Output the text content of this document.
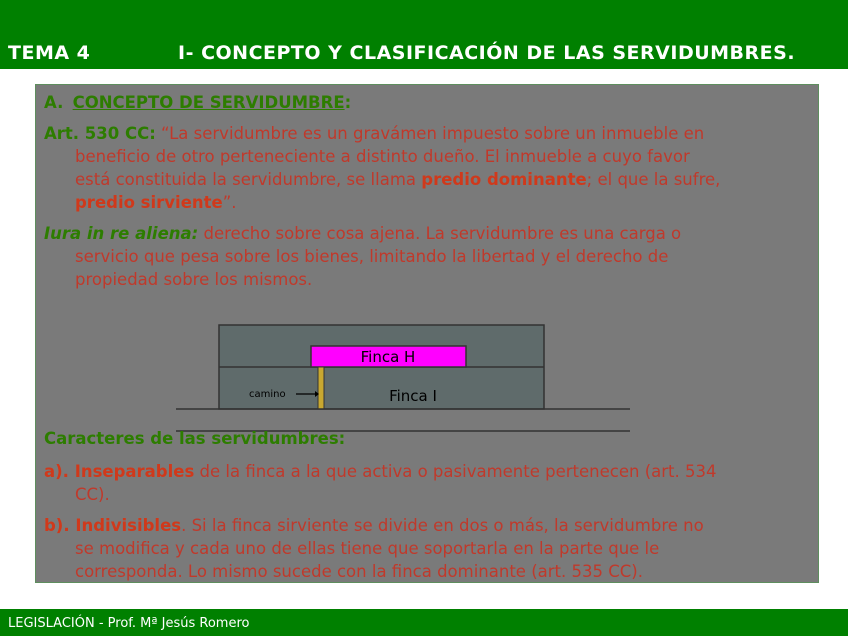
TEMA 4	I- CONCEPTO Y CLASIFICACIÓN DE LAS SERVIDUMBRES.
A. CONCEPTO DE SERVIDUMBRE:
Art. 530 CC: “La servidumbre es un gravámen impuesto sobre un inmueble en
beneficio de otro perteneciente a distinto dueño. El inmueble a cuyo favor
está constituida la servidumbre, se llama predio dominante; el que la sufre,
predio sirviente”.
Iura in re aliena: derecho sobre cosa ajena. La servidumbre es una carga o
servicio que pesa sobre los bienes, limitando la libertad y el derecho de
propiedad sobre los mismos.
Finca H
camino	Finca I
Caracteres de las servidumbres:
a). Inseparables de la finca a la que activa o pasivamente pertenecen (art. 534
CC).
b). Indivisibles. Si la finca sirviente se divide en dos o más, la servidumbre no
se modifica y cada uno de ellas tiene que soportarla en la parte que le
corresponda. Lo mismo sucede con la finca dominante (art. 535 CC).
LEGISLACIÓN - Prof. Mª Jesús Romero
